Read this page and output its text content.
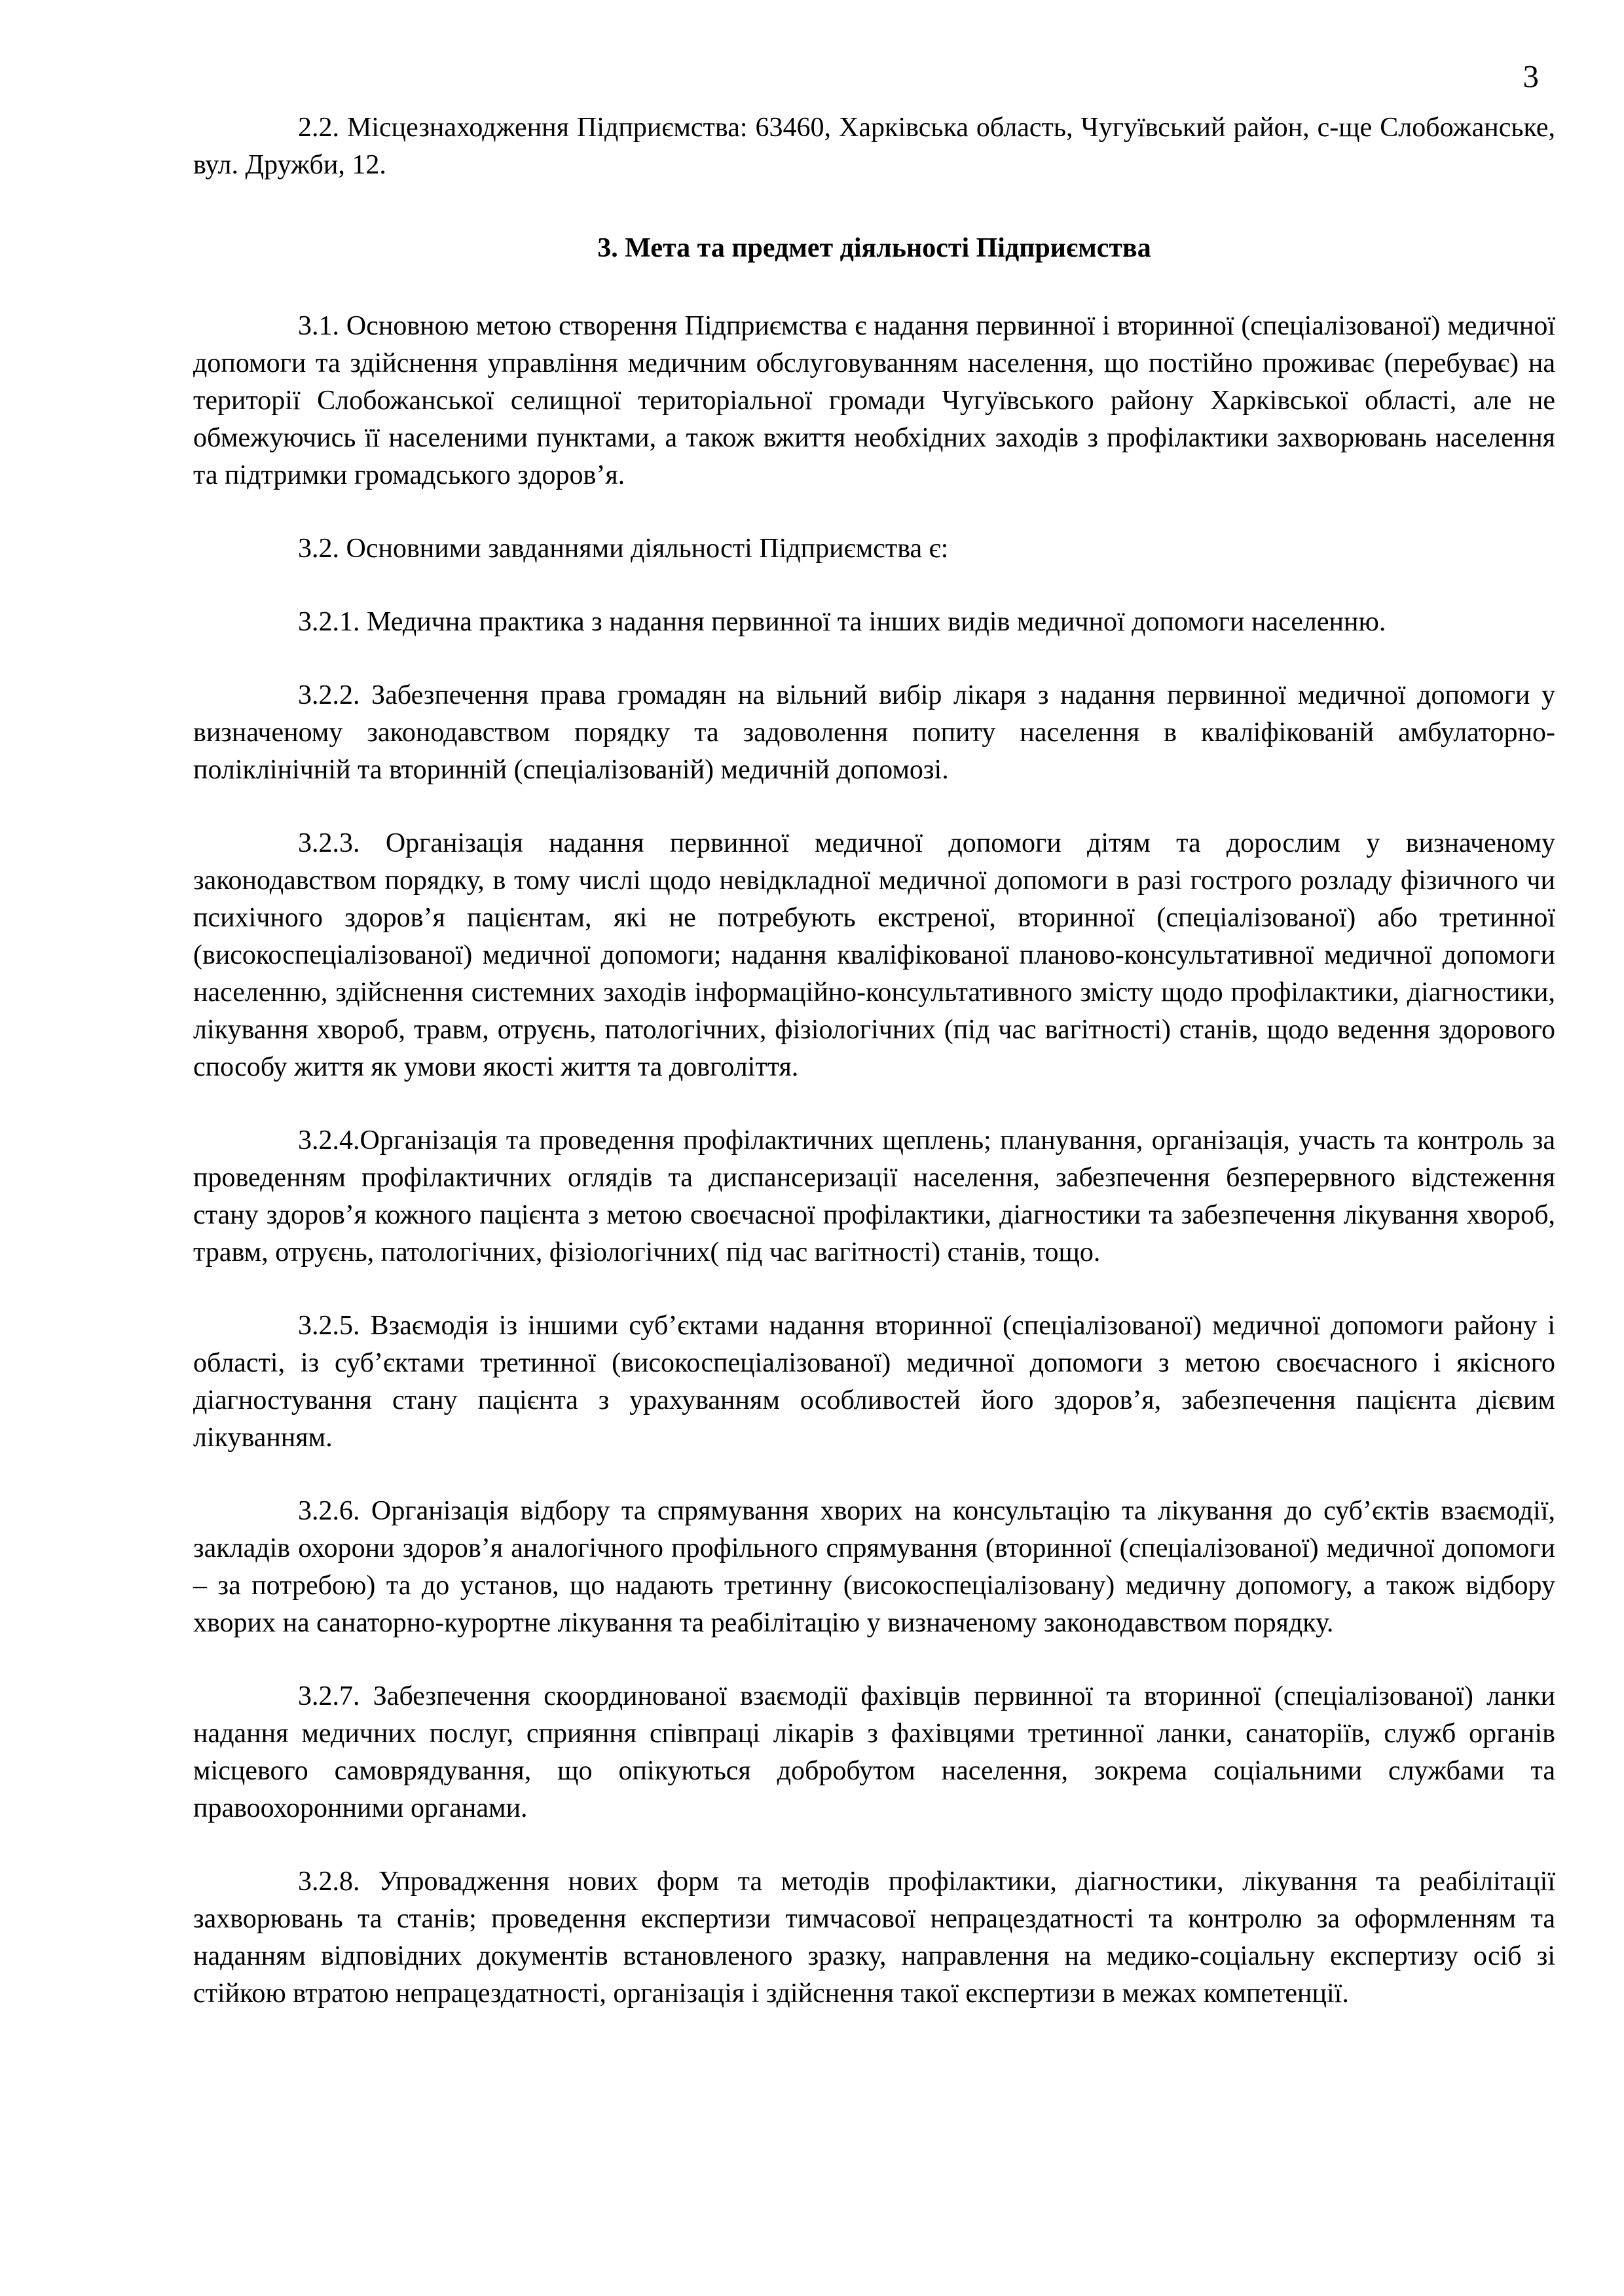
3

2.2. Місцезнаходження Підприємства: 63460, Харківська область, Чугуївський район, с-ще Слобожанське, вул. Дружби, 12.

3. Мета та предмет діяльності Підприємства

3.1. Основною метою створення Підприємства є надання первинної і вторинної (спеціалізованої) медичної допомоги та здійснення управління медичним обслуговуванням населення, що постійно проживає (перебуває) на території Слобожанської селищної територіальної громади Чугуївського району Харківської області, але не обмежуючись її населеними пунктами, а також вжиття необхідних заходів з профілактики захворювань населення та підтримки громадського здоров’я.

3.2. Основними завданнями діяльності Підприємства є:

3.2.1. Медична практика з надання первинної та інших видів медичної допомоги населенню.

3.2.2. Забезпечення права громадян на вільний вибір лікаря з надання первинної медичної допомоги у визначеному законодавством порядку та задоволення попиту населення в кваліфікованій амбулаторно-поліклінічній та вторинній (спеціалізованій) медичній допомозі.

3.2.3. Організація надання первинної медичної допомоги дітям та дорослим у визначеному законодавством порядку, в тому числі щодо невідкладної медичної допомоги в разі гострого розладу фізичного чи психічного здоров’я пацієнтам, які не потребують екстреної, вторинної (спеціалізованої) або третинної (високоспеціалізованої) медичної допомоги; надання кваліфікованої планово-консультативної медичної допомоги населенню, здійснення системних заходів інформаційно-консультативного змісту щодо профілактики, діагностики, лікування хвороб, травм, отруєнь, патологічних, фізіологічних (під час вагітності) станів, щодо ведення здорового способу життя як умови якості життя та довголіття.

3.2.4.Організація та проведення профілактичних щеплень; планування, організація, участь та контроль за проведенням профілактичних оглядів та диспансеризації населення, забезпечення безперервного відстеження стану здоров’я кожного пацієнта з метою своєчасної профілактики, діагностики та забезпечення лікування хвороб, травм, отруєнь, патологічних, фізіологічних( під час вагітності) станів, тощо.

3.2.5. Взаємодія із іншими суб’єктами надання вторинної (спеціалізованої) медичної допомоги району і області, із суб’єктами третинної (високоспеціалізованої) медичної допомоги з метою своєчасного і якісного діагностування стану пацієнта з урахуванням особливостей його здоров’я, забезпечення пацієнта дієвим лікуванням.

3.2.6. Організація відбору та спрямування хворих на консультацію та лікування до суб’єктів взаємодії, закладів охорони здоров’я аналогічного профільного спрямування (вторинної (спеціалізованої) медичної допомоги – за потребою) та до установ, що надають третинну (високоспеціалізовану) медичну допомогу, а також відбору хворих на санаторно-курортне лікування та реабілітацію у визначеному законодавством порядку.

3.2.7. Забезпечення скоординованої взаємодії фахівців первинної та вторинної (спеціалізованої) ланки надання медичних послуг, сприяння співпраці лікарів з фахівцями третинної ланки, санаторіїв, служб органів місцевого самоврядування, що опікуються добробутом населення, зокрема соціальними службами та правоохоронними органами.

3.2.8. Упровадження нових форм та методів профілактики, діагностики, лікування та реабілітації захворювань та станів; проведення експертизи тимчасової непрацездатності та контролю за оформленням та наданням відповідних документів встановленого зразку, направлення на медико-соціальну експертизу осіб зі стійкою втратою непрацездатності, організація і здійснення такої експертизи в межах компетенції.
